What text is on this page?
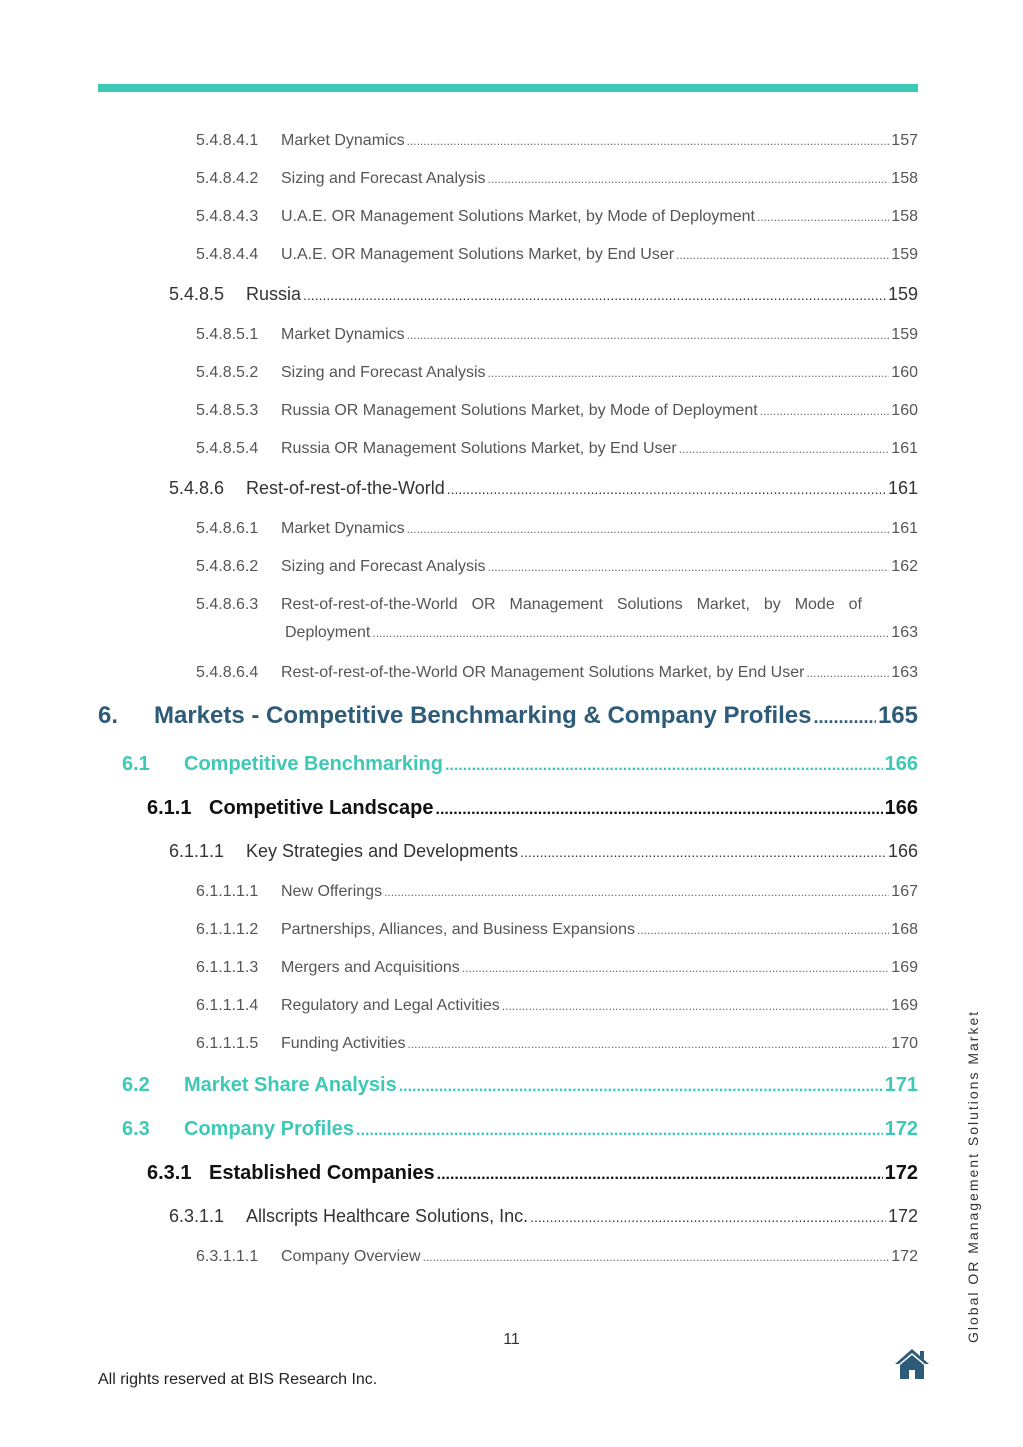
5.4.8.4.1	Market Dynamics .....	157
5.4.8.4.2	Sizing and Forecast Analysis .....	158
5.4.8.4.3	U.A.E. OR Management Solutions Market, by Mode of Deployment .....	158
5.4.8.4.4	U.A.E. OR Management Solutions Market, by End User .....	159
5.4.8.5	Russia .....	159
5.4.8.5.1	Market Dynamics .....	159
5.4.8.5.2	Sizing and Forecast Analysis .....	160
5.4.8.5.3	Russia OR Management Solutions Market, by Mode of Deployment .....	160
5.4.8.5.4	Russia OR Management Solutions Market, by End User .....	161
5.4.8.6	Rest-of-rest-of-the-World .....	161
5.4.8.6.1	Market Dynamics .....	161
5.4.8.6.2	Sizing and Forecast Analysis .....	162
5.4.8.6.3	Rest-of-rest-of-the-World OR Management Solutions Market, by Mode of
Deployment .....	163
5.4.8.6.4	Rest-of-rest-of-the-World OR Management Solutions Market, by End User .....	163
6.	Markets - Competitive Benchmarking & Company Profiles .....	165
6.1	Competitive Benchmarking .....	166
6.1.1 Competitive Landscape .....	166
6.1.1.1	Key Strategies and Developments .....	166
6.1.1.1.1	New Offerings .....	167
6.1.1.1.2	Partnerships, Alliances, and Business Expansions .....	168
6.1.1.1.3	Mergers and Acquisitions .....	169
6.1.1.1.4	Regulatory and Legal Activities .....	169
6.1.1.1.5	Funding Activities .....	170
6.2	Market Share Analysis .....	171
6.3	Company Profiles .....	172
6.3.1 Established Companies .....	172
6.3.1.1	Allscripts Healthcare Solutions, Inc. .....	172
6.3.1.1.1	Company Overview .....	172
11
All rights reserved at BIS Research Inc.
Global OR Management Solutions Market
